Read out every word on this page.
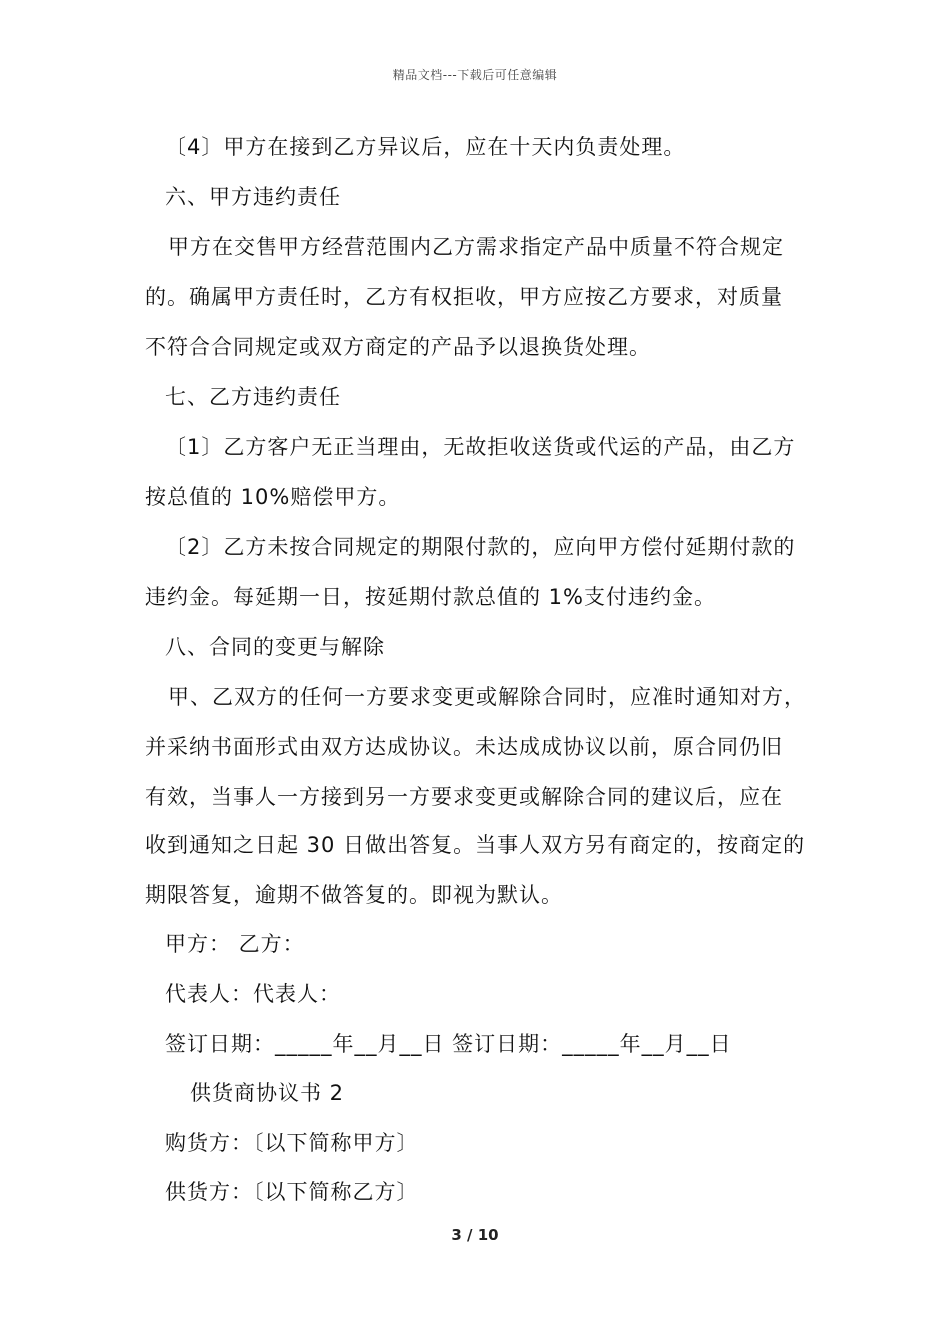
精品文档---下载后可任意编辑
〔4〕甲方在接到乙方异议后，应在十天内负责处理。
六、甲方违约责任
甲方在交售甲方经营范围内乙方需求指定产品中质量不符合规定
的。确属甲方责任时，乙方有权拒收，甲方应按乙方要求，对质量
不符合合同规定或双方商定的产品予以退换货处理。
七、乙方违约责任
〔1〕乙方客户无正当理由，无故拒收送货或代运的产品，由乙方
按总值的 10%赔偿甲方。
〔2〕乙方未按合同规定的期限付款的，应向甲方偿付延期付款的
违约金。每延期一日，按延期付款总值的 1%支付违约金。
八、合同的变更与解除
甲、乙双方的任何一方要求变更或解除合同时，应准时通知对方，
并采纳书面形式由双方达成协议。未达成成协议以前，原合同仍旧
有效，当事人一方接到另一方要求变更或解除合同的建议后，应在
收到通知之日起 30 日做出答复。当事人双方另有商定的，按商定的
期限答复，逾期不做答复的。即视为默认。
甲方： 乙方：
代表人：代表人：
签订日期：_____年__月__日 签订日期：_____年__月__日
供货商协议书 2
购货方：〔以下简称甲方〕
供货方：〔以下简称乙方〕
3 / 10
